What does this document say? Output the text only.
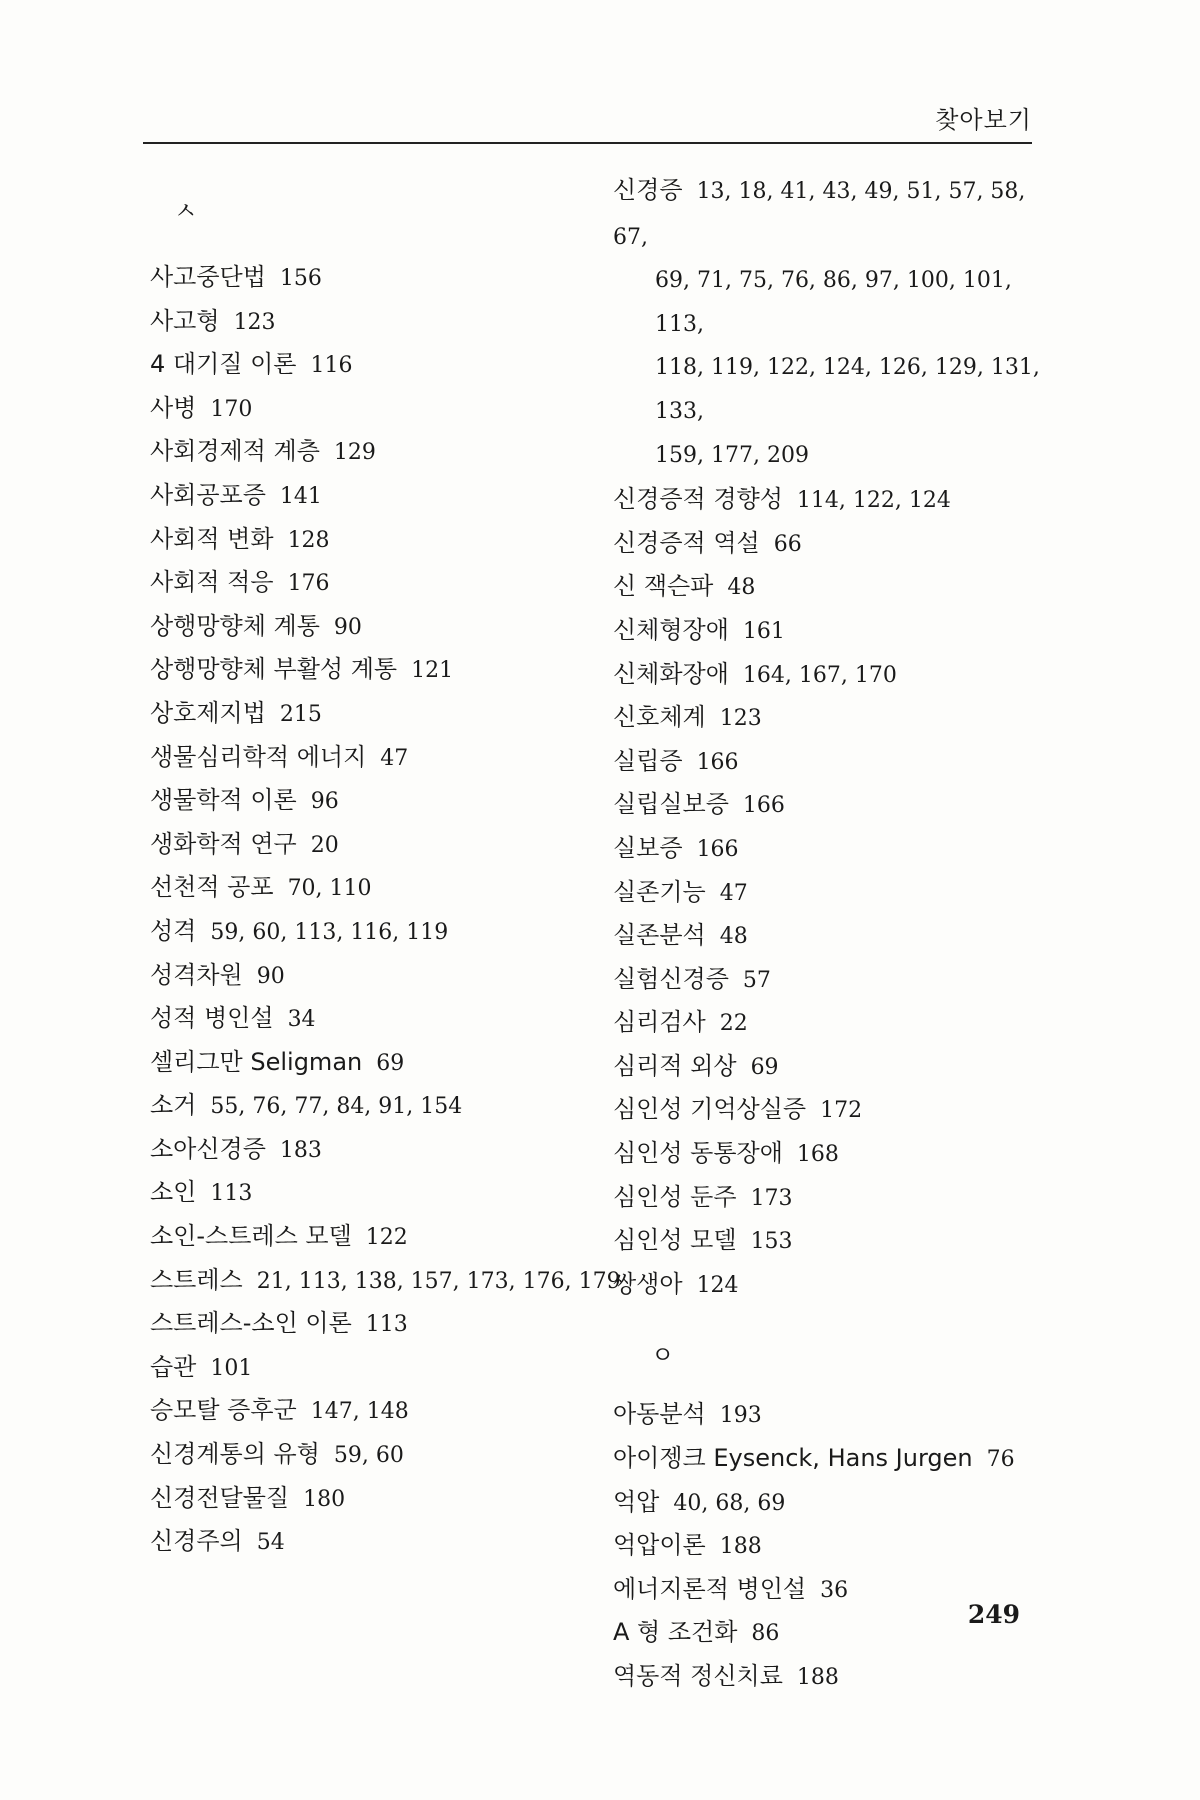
찾아보기
ㅅ
사고중단법 156
사고형 123
4 대기질 이론 116
사병 170
사회경제적 계층 129
사회공포증 141
사회적 변화 128
사회적 적응 176
상행망향체 계통 90
상행망향체 부활성 계통 121
상호제지법 215
생물심리학적 에너지 47
생물학적 이론 96
생화학적 연구 20
선천적 공포 70, 110
성격 59, 60, 113, 116, 119
성격차원 90
성적 병인설 34
셀리그만 Seligman 69
소거 55, 76, 77, 84, 91, 154
소아신경증 183
소인 113
소인-스트레스 모델 122
스트레스 21, 113, 138, 157, 173, 176, 179
스트레스-소인 이론 113
습관 101
승모탈 증후군 147, 148
신경계통의 유형 59, 60
신경전달물질 180
신경주의 54
신경증 13, 18, 41, 43, 49, 51, 57, 58, 67,
69, 71, 75, 76, 86, 97, 100, 101, 113,
118, 119, 122, 124, 126, 129, 131, 133,
159, 177, 209
신경증적 경향성 114, 122, 124
신경증적 역설 66
신 잭슨파 48
신체형장애 161
신체화장애 164, 167, 170
신호체계 123
실립증 166
실립실보증 166
실보증 166
실존기능 47
실존분석 48
실험신경증 57
심리검사 22
심리적 외상 69
심인성 기억상실증 172
심인성 동통장애 168
심인성 둔주 173
심인성 모델 153
쌍생아 124
ㅇ
아동분석 193
아이젱크 Eysenck, Hans Jurgen 76
억압 40, 68, 69
억압이론 188
에너지론적 병인설 36
A 형 조건화 86
역동적 정신치료 188
249
